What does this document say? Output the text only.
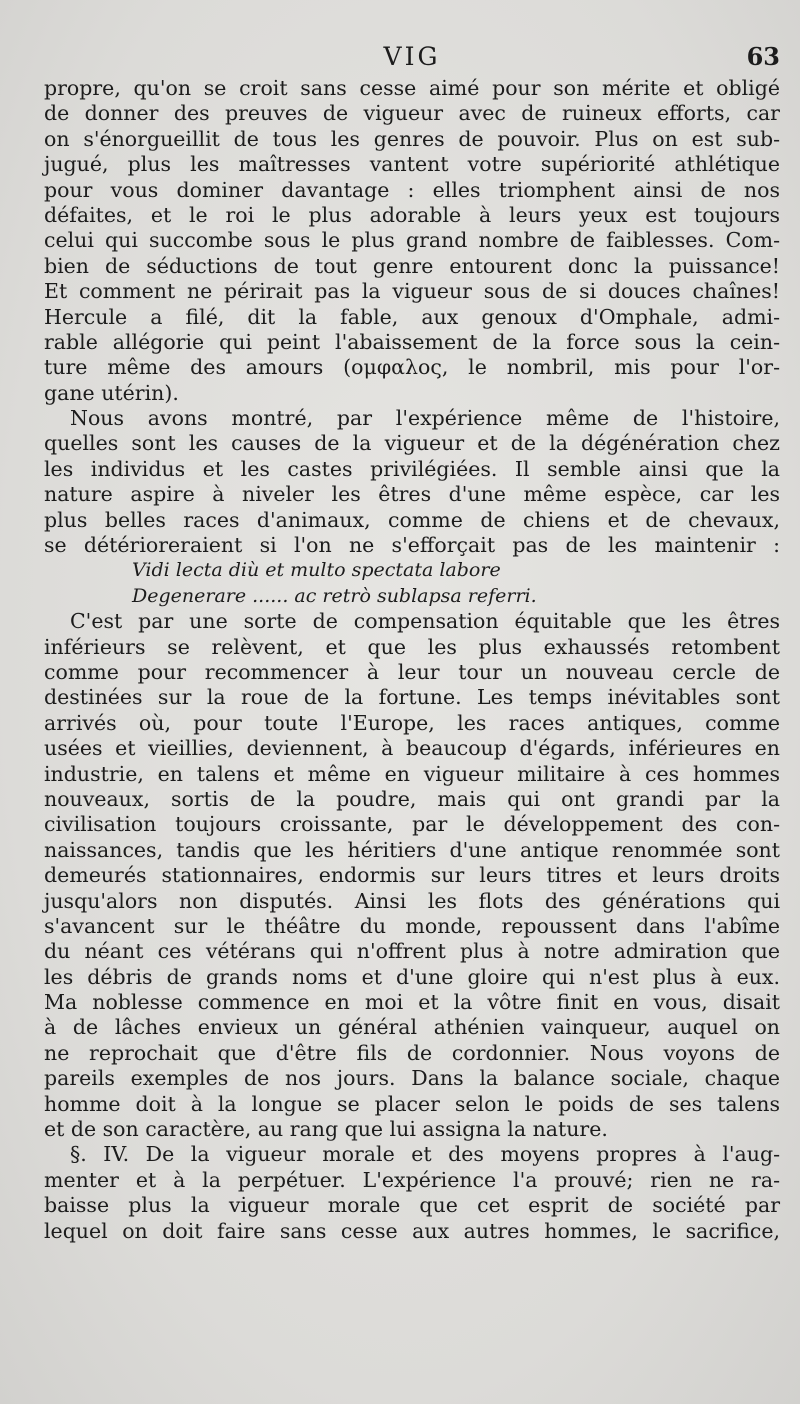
VIG	63
propre, qu'on se croit sans cesse aimé pour son mérite et obligé
de donner des preuves de vigueur avec de ruineux efforts, car
on s'énorgueillit de tous les genres de pouvoir. Plus on est sub-
jugué, plus les maîtresses vantent votre supériorité athlétique
pour vous dominer davantage : elles triomphent ainsi de nos
défaites, et le roi le plus adorable à leurs yeux est toujours
celui qui succombe sous le plus grand nombre de faiblesses. Com-
bien de séductions de tout genre entourent donc la puissance!
Et comment ne périrait pas la vigueur sous de si douces chaînes!
Hercule a filé, dit la fable, aux genoux d'Omphale, admi-
rable allégorie qui peint l'abaissement de la force sous la cein-
ture même des amours (ομφαλος, le nombril, mis pour l'or-
gane utérin).
Nous avons montré, par l'expérience même de l'histoire,
quelles sont les causes de la vigueur et de la dégénération chez
les individus et les castes privilégiées. Il semble ainsi que la
nature aspire à niveler les êtres d'une même espèce, car les
plus belles races d'animaux, comme de chiens et de chevaux,
se détérioreraient si l'on ne s'efforçait pas de les maintenir :
Vidi lecta diù et multo spectata labore
Degenerare ...... ac retrò sublapsa referri.
C'est par une sorte de compensation équitable que les êtres
inférieurs se relèvent, et que les plus exhaussés retombent
comme pour recommencer à leur tour un nouveau cercle de
destinées sur la roue de la fortune. Les temps inévitables sont
arrivés où, pour toute l'Europe, les races antiques, comme
usées et vieillies, deviennent, à beaucoup d'égards, inférieures en
industrie, en talens et même en vigueur militaire à ces hommes
nouveaux, sortis de la poudre, mais qui ont grandi par la
civilisation toujours croissante, par le développement des con-
naissances, tandis que les héritiers d'une antique renommée sont
demeurés stationnaires, endormis sur leurs titres et leurs droits
jusqu'alors non disputés. Ainsi les flots des générations qui
s'avancent sur le théâtre du monde, repoussent dans l'abîme
du néant ces vétérans qui n'offrent plus à notre admiration que
les débris de grands noms et d'une gloire qui n'est plus à eux.
Ma noblesse commence en moi et la vôtre finit en vous, disait
à de lâches envieux un général athénien vainqueur, auquel on
ne reprochait que d'être fils de cordonnier. Nous voyons de
pareils exemples de nos jours. Dans la balance sociale, chaque
homme doit à la longue se placer selon le poids de ses talens
et de son caractère, au rang que lui assigna la nature.
§. IV. De la vigueur morale et des moyens propres à l'aug-
menter et à la perpétuer. L'expérience l'a prouvé; rien ne ra-
baisse plus la vigueur morale que cet esprit de société par
lequel on doit faire sans cesse aux autres hommes, le sacrifice,
